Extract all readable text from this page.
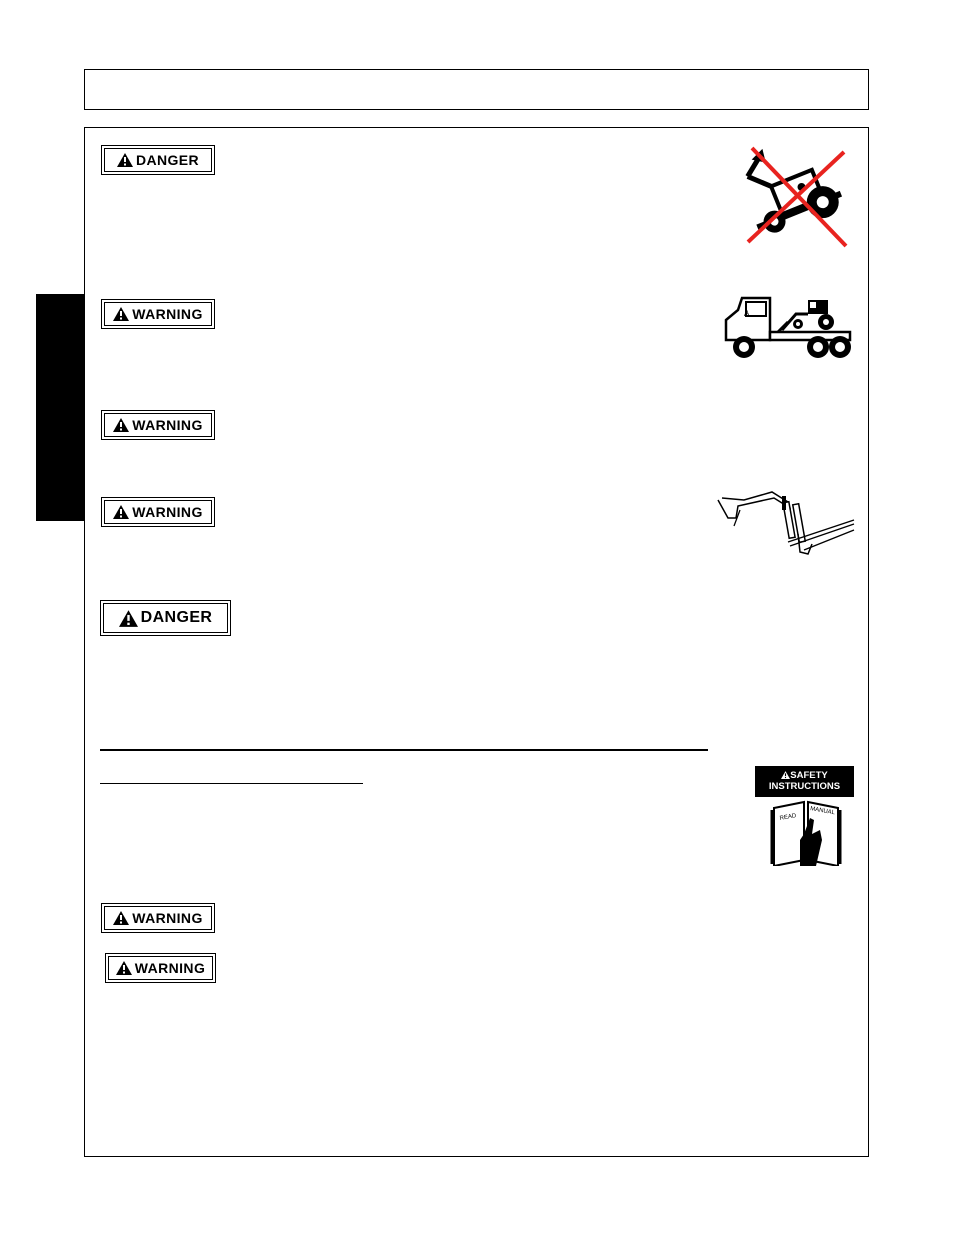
DANGER
WARNING
WARNING
WARNING
DANGER
WARNING
WARNING
A
SAFETY
INSTRUCTIONS
READ
MANUAL
